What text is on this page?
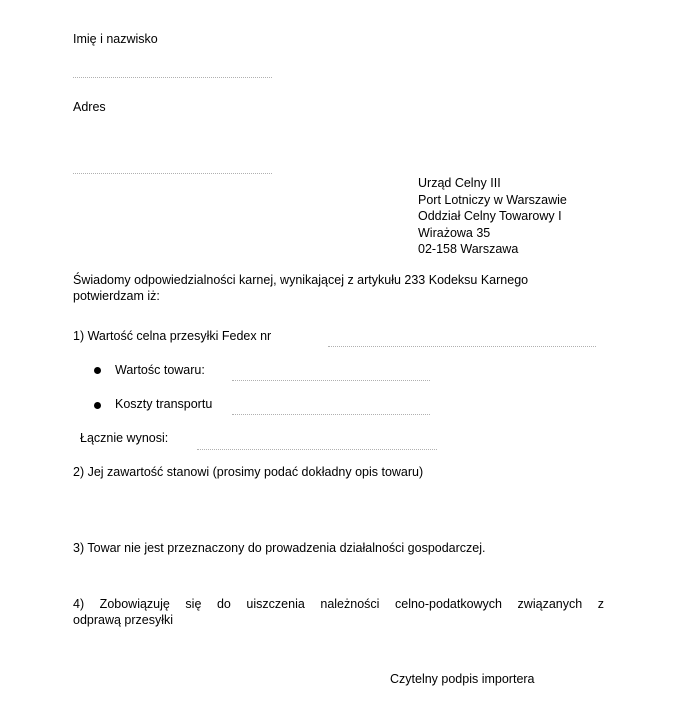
Imię i nazwisko
Adres
Urząd Celny III
Port Lotniczy w Warszawie
Oddział Celny Towarowy I
Wirażowa 35
02-158 Warszawa
Świadomy odpowiedzialności karnej, wynikającej z artykułu 233 Kodeksu Karnego
potwierdzam iż:
1) Wartość celna przesyłki Fedex nr
Wartośc towaru:
Koszty transportu
Łącznie wynosi:
2) Jej zawartość stanowi (prosimy podać dokładny opis towaru)
3) Towar nie jest przeznaczony do prowadzenia działalności gospodarczej.
4) Zobowiązuję się do uiszczenia należności celno-podatkowych związanych z
odprawą przesyłki
Czytelny podpis importera
